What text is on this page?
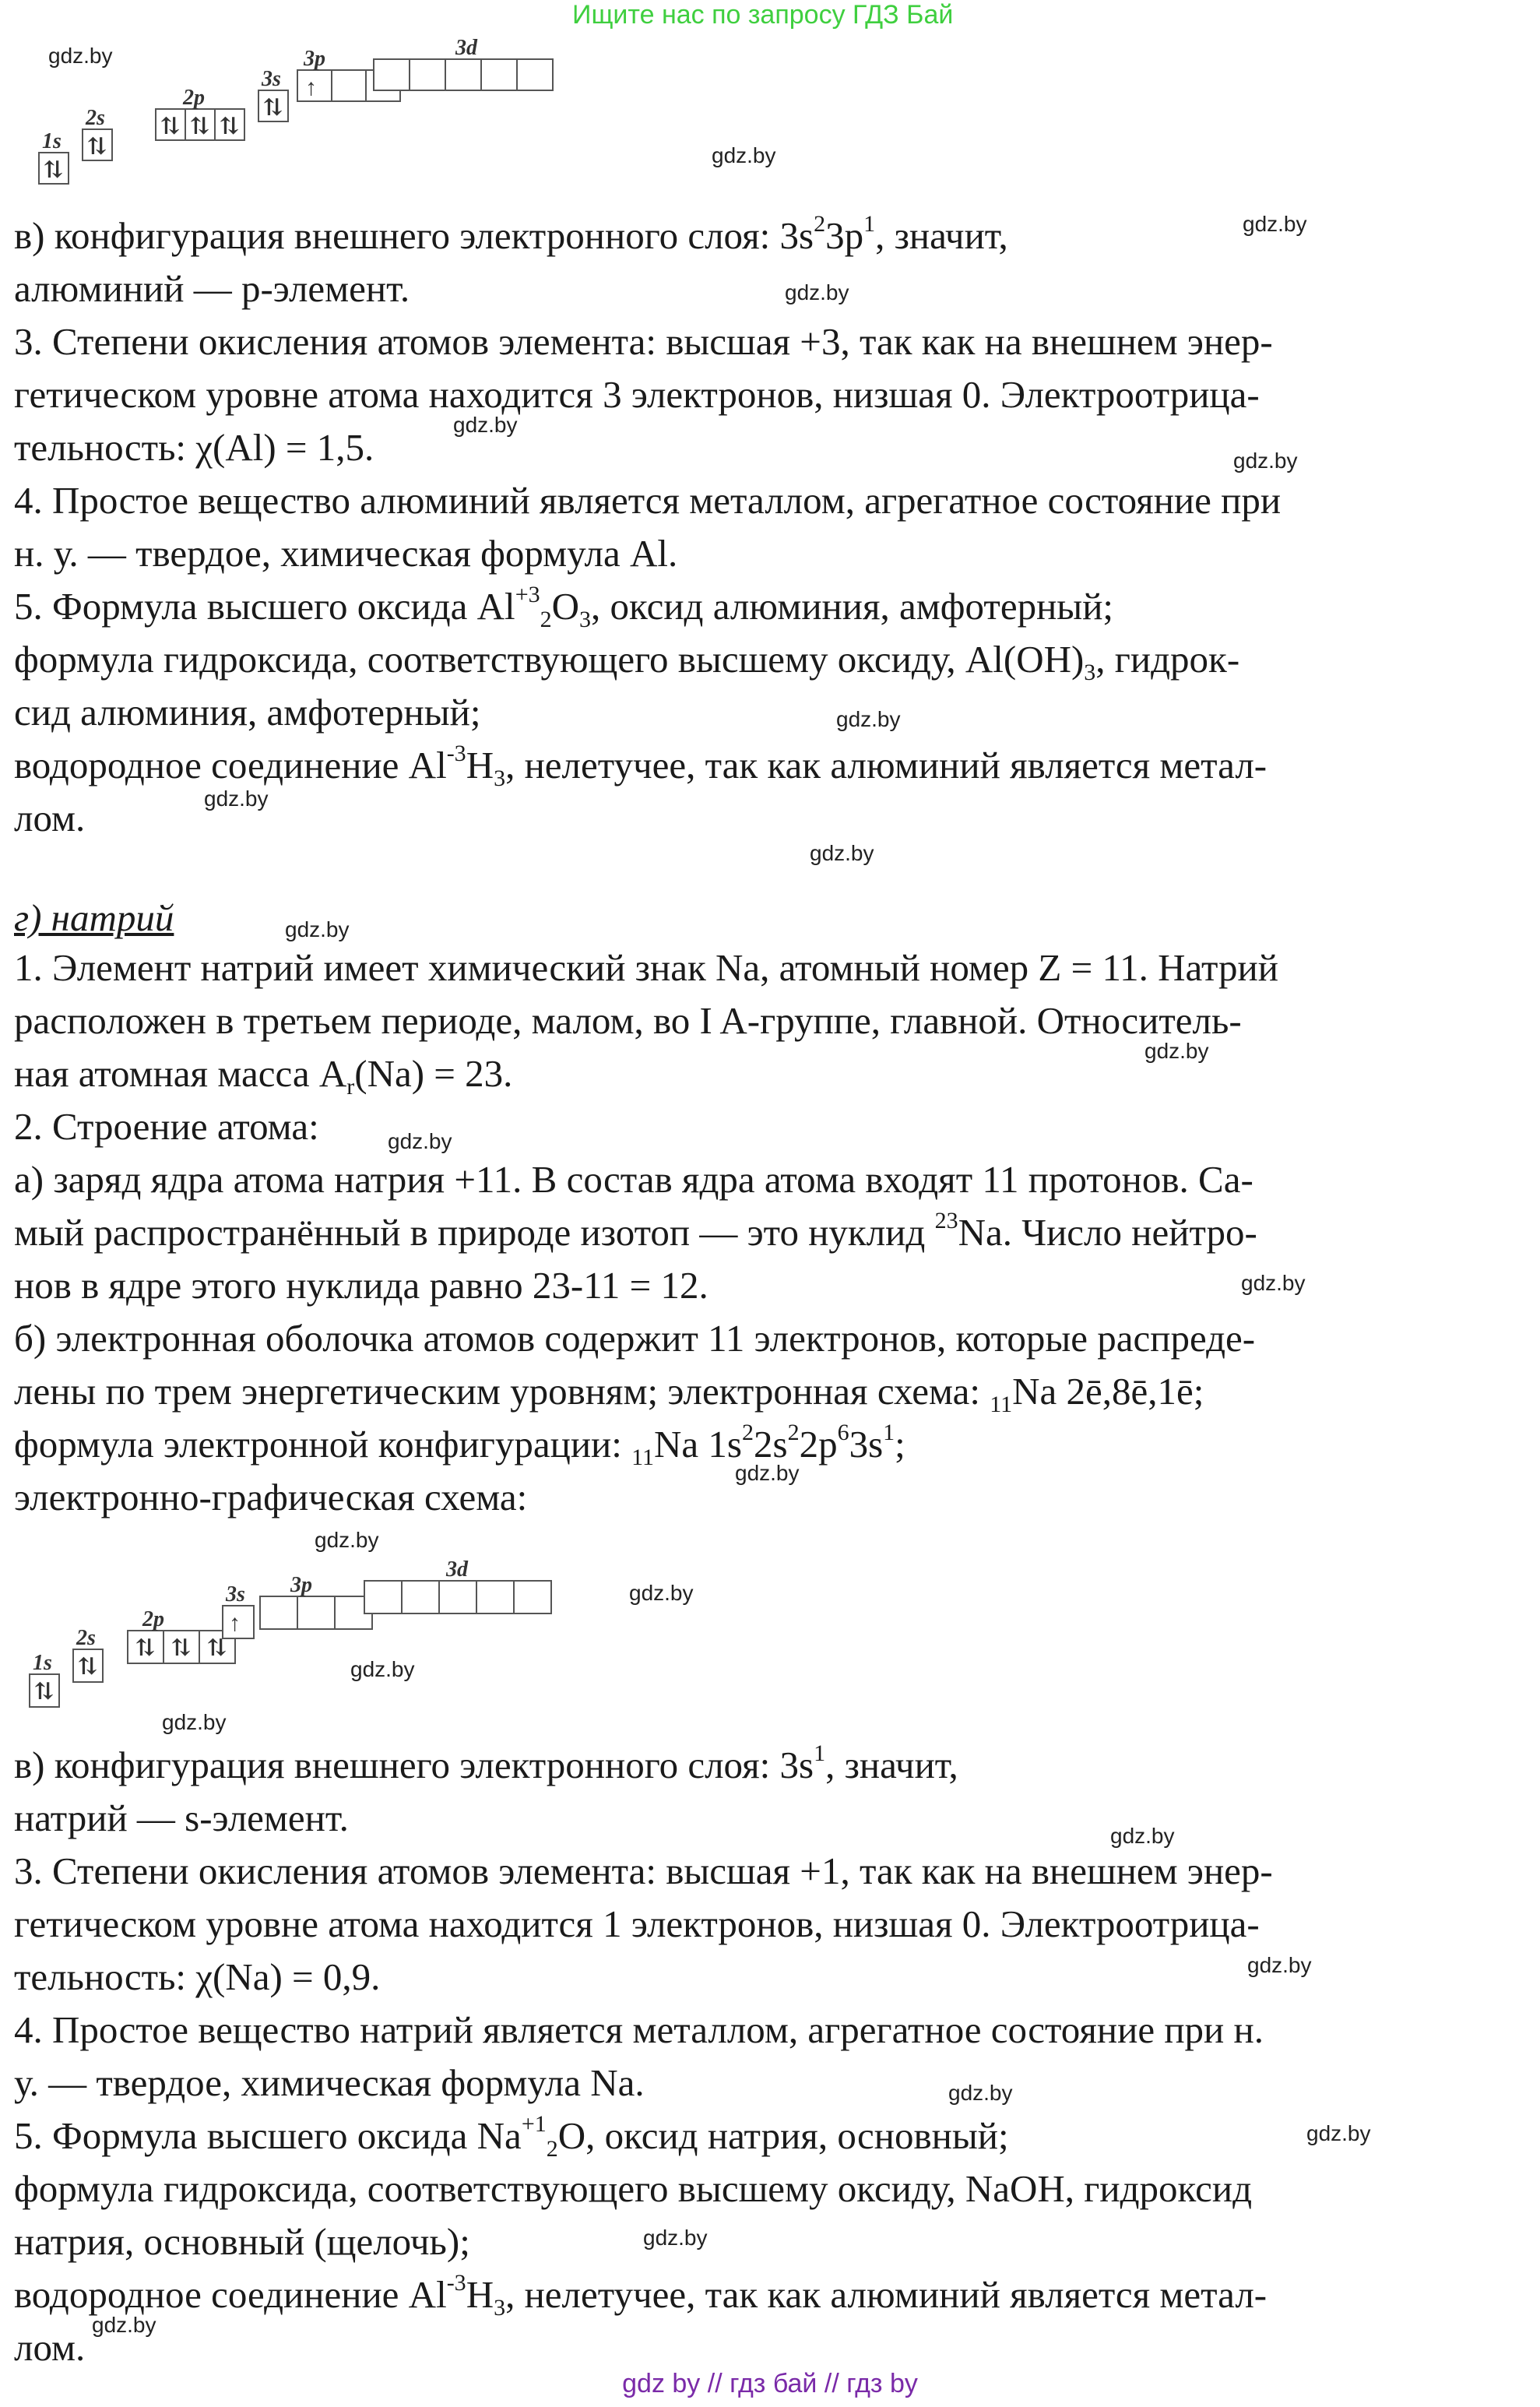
Ищите нас по запросу ГДЗ Бай
1s
2s
2p
3s
3p	3d
⇅
⇅
⇅ ⇅ ⇅
⇅
↑
в) конфигурация внешнего электронного слоя: $3s^23p^1$, значит,
алюминий — p-элемент.
3. Степени окисления атомов элемента: высшая +3, так как на внешнем энер-
гетическом уровне атома находится 3 электронов, низшая 0. Электроотрица-
тельность: χ(Al) = 1,5.
4. Простое вещество алюминий является металлом, агрегатное состояние при
н. у. — твердое, химическая формула Al.
5. Формула высшего оксида $Al^{+3}_2O_3$, оксид алюминия, амфотерный;
формула гидроксида, соответствующего высшему оксиду, $Al(OH)_3$, гидрок-
сид алюминия, амфотерный;
водородное соединение $Al^{-3}H_3$, нелетучее, так как алюминий является метал-
лом.
г) натрий
1. Элемент натрий имеет химический знак Na, атомный номер Z = 11. Натрий
расположен в третьем периоде, малом, во I A-группе, главной. Относитель-
ная атомная масса $A_r(Na) = 23$.
2. Строение атома:
а) заряд ядра атома натрия +11. В состав ядра атома входят 11 протонов. Са-
мый распространённый в природе изотоп — это нуклид $^{23}$Na. Число нейтро-
нов в ядре этого нуклида равно 23-11 = 12.
б) электронная оболочка атомов содержит 11 электронов, которые распреде-
лены по трем энергетическим уровням; электронная схема: $_{11}$Na 2ē,8ē,1ē;
формула электронной конфигурации: $_{11}$Na $1s^22s^22p^63s^1$;
электронно-графическая схема:
1s
2s
2p
3s 3p
3d
⇅
⇅
⇅ ⇅ ⇅
↑
в) конфигурация внешнего электронного слоя: $3s^1$, значит,
натрий — s-элемент.
3. Степени окисления атомов элемента: высшая +1, так как на внешнем энер-
гетическом уровне атома находится 1 электронов, низшая 0. Электроотрица-
тельность: χ(Na) = 0,9.
4. Простое вещество натрий является металлом, агрегатное состояние при н.
у. — твердое, химическая формула Na.
5. Формула высшего оксида $Na^{+1}_2O$, оксид натрия, основный;
формула гидроксида, соответствующего высшему оксиду, NaOH, гидроксид
натрия, основный (щелочь);
водородное соединение $Al^{-3}H_3$, нелетучее, так как алюминий является метал-
лом.
gdz.by
gdz.by
gdz.by
gdz.by
gdz.by
gdz.by
gdz.by
gdz.by
gdz.by
gdz.by
gdz.by
gdz.by
gdz.by
gdz.by
gdz.by
gdz.by
gdz.by
gdz.by
gdz.by
gdz.by
gdz.by
gdz.by
gdz.by
gdz.by
gdz by // гдз бай // гдз by
